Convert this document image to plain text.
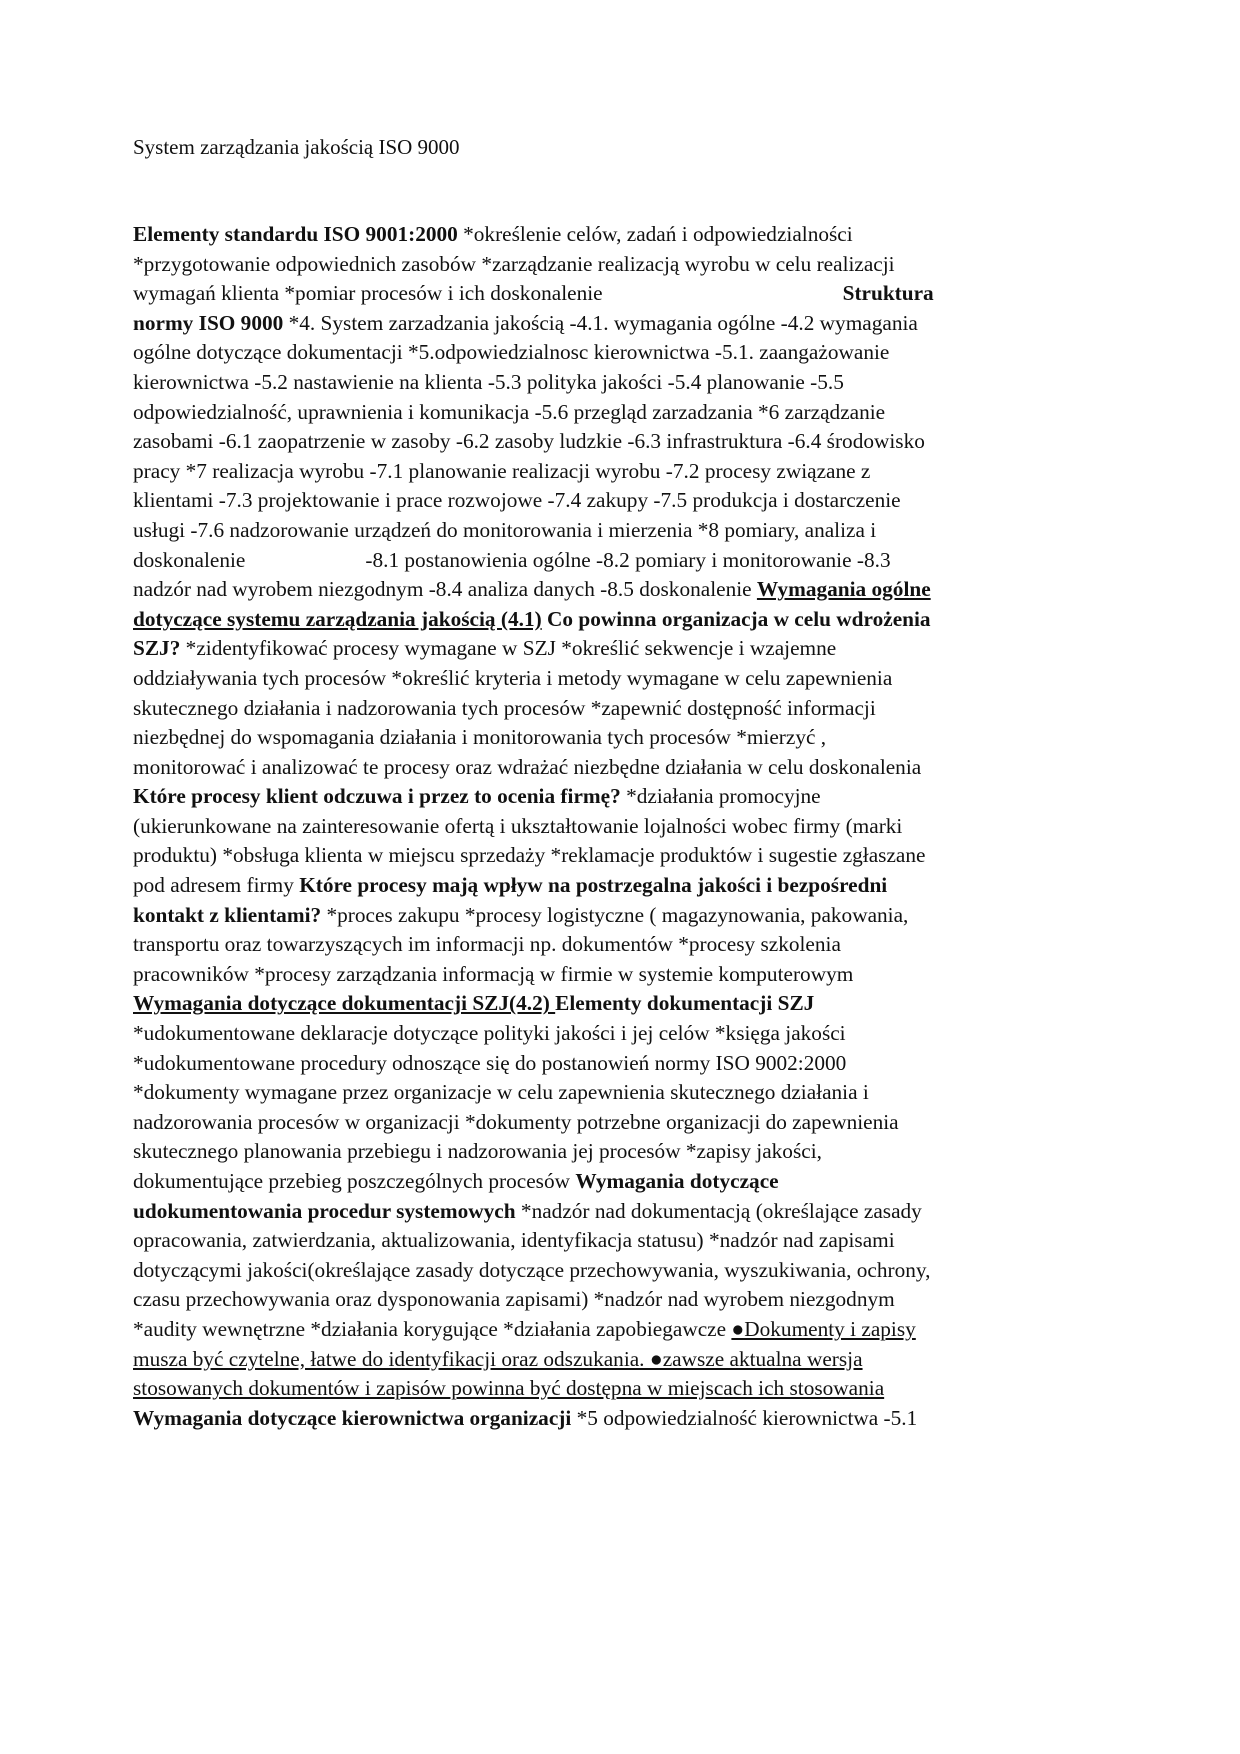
System zarządzania jakością ISO 9000
Elementy standardu ISO 9001:2000 *określenie celów, zadań i odpowiedzialności
*przygotowanie odpowiednich zasobów *zarządzanie realizacją wyrobu w celu realizacji
wymagań klienta *pomiar procesów i ich doskonalenie	Struktura
normy ISO 9000 *4. System zarzadzania jakością -4.1. wymagania ogólne -4.2 wymagania
ogólne dotyczące dokumentacji *5.odpowiedzialnosc kierownictwa -5.1. zaangażowanie
kierownictwa -5.2 nastawienie na klienta -5.3 polityka jakości -5.4 planowanie -5.5
odpowiedzialność, uprawnienia i komunikacja -5.6 przegląd zarzadzania *6 zarządzanie
zasobami -6.1 zaopatrzenie w zasoby -6.2 zasoby ludzkie -6.3 infrastruktura -6.4 środowisko
pracy *7 realizacja wyrobu -7.1 planowanie realizacji wyrobu -7.2 procesy związane z
klientami -7.3 projektowanie i prace rozwojowe -7.4 zakupy -7.5 produkcja i dostarczenie
usługi -7.6 nadzorowanie urządzeń do monitorowania i mierzenia *8 pomiary, analiza i
doskonalenie	-8.1 postanowienia ogólne -8.2 pomiary i monitorowanie -8.3
nadzór nad wyrobem niezgodnym -8.4 analiza danych -8.5 doskonalenie Wymagania ogólne
dotyczące systemu zarządzania jakością (4.1) Co powinna organizacja w celu wdrożenia
SZJ? *zidentyfikować procesy wymagane w SZJ *określić sekwencje i wzajemne
oddziaływania tych procesów *określić kryteria i metody wymagane w celu zapewnienia
skutecznego działania i nadzorowania tych procesów *zapewnić dostępność informacji
niezbędnej do wspomagania działania i monitorowania tych procesów *mierzyć ,
monitorować i analizować te procesy oraz wdrażać niezbędne działania w celu doskonalenia
Które procesy klient odczuwa i przez to ocenia firmę? *działania promocyjne
(ukierunkowane na zainteresowanie ofertą i ukształtowanie lojalności wobec firmy (marki
produktu) *obsługa klienta w miejscu sprzedaży *reklamacje produktów i sugestie zgłaszane
pod adresem firmy Które procesy mają wpływ na postrzegalna jakości i bezpośredni
kontakt z klientami? *proces zakupu *procesy logistyczne ( magazynowania, pakowania,
transportu oraz towarzyszących im informacji np. dokumentów *procesy szkolenia
pracowników *procesy zarządzania informacją w firmie w systemie komputerowym
Wymagania dotyczące dokumentacji SZJ(4.2) Elementy dokumentacji SZJ
*udokumentowane deklaracje dotyczące polityki jakości i jej celów *księga jakości
*udokumentowane procedury odnoszące się do postanowień normy ISO 9002:2000
*dokumenty wymagane przez organizacje w celu zapewnienia skutecznego działania i
nadzorowania procesów w organizacji *dokumenty potrzebne organizacji do zapewnienia
skutecznego planowania przebiegu i nadzorowania jej procesów *zapisy jakości,
dokumentujące przebieg poszczególnych procesów Wymagania dotyczące
udokumentowania procedur systemowych *nadzór nad dokumentacją (określające zasady
opracowania, zatwierdzania, aktualizowania, identyfikacja statusu) *nadzór nad zapisami
dotyczącymi jakości(określające zasady dotyczące przechowywania, wyszukiwania, ochrony,
czasu przechowywania oraz dysponowania zapisami) *nadzór nad wyrobem niezgodnym
*audity wewnętrzne *działania korygujące *działania zapobiegawcze ●Dokumenty i zapisy
musza być czytelne, łatwe do identyfikacji oraz odszukania. ●zawsze aktualna wersja
stosowanych dokumentów i zapisów powinna być dostępna w miejscach ich stosowania
Wymagania dotyczące kierownictwa organizacji *5 odpowiedzialność kierownictwa -5.1
